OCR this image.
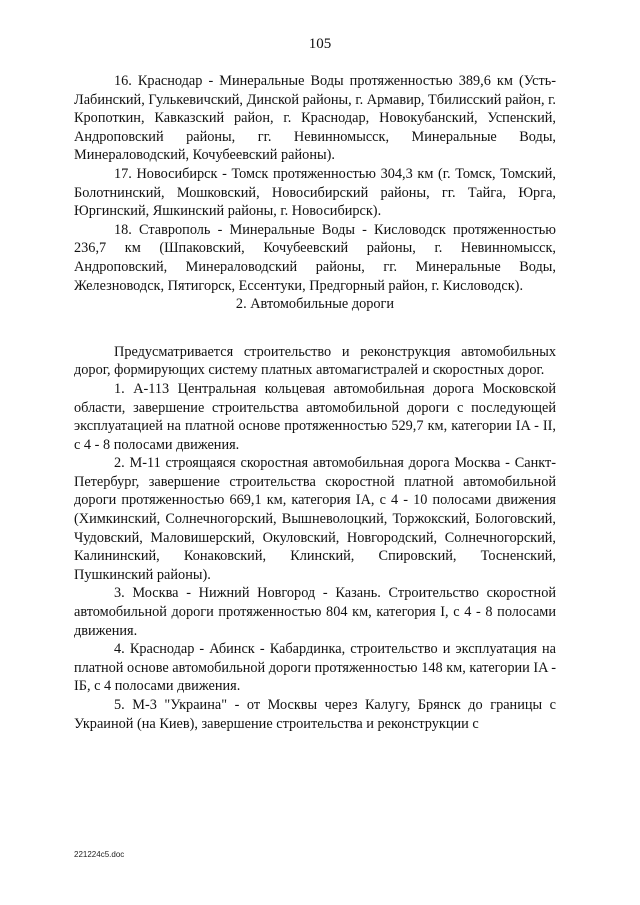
105

16. Краснодар - Минеральные Воды протяженностью 389,6 км (Усть-Лабинский, Гулькевичский, Динской районы, г. Армавир, Тбилисский район, г. Кропоткин, Кавказский район, г. Краснодар, Новокубанский, Успенский, Андроповский районы, гг. Невинномысск, Минеральные Воды, Минераловодский, Кочубеевский районы).

17. Новосибирск - Томск протяженностью 304,3 км (г. Томск, Томский, Болотнинский, Мошковский, Новосибирский районы, гг. Тайга, Юрга, Юргинский, Яшкинский районы, г. Новосибирск).

18. Ставрополь - Минеральные Воды - Кисловодск протяженностью 236,7 км (Шпаковский, Кочубеевский районы, г. Невинномысск, Андроповский, Минераловодский районы, гг. Минеральные Воды, Железноводск, Пятигорск, Ессентуки, Предгорный район, г. Кисловодск).

2. Автомобильные дороги

Предусматривается строительство и реконструкция автомобильных дорог, формирующих систему платных автомагистралей и скоростных дорог.

1. А-113 Центральная кольцевая автомобильная дорога Московской области, завершение строительства автомобильной дороги с последующей эксплуатацией на платной основе протяженностью 529,7 км, категории IA - II, с 4 - 8 полосами движения.

2. М-11 строящаяся скоростная автомобильная дорога Москва - Санкт-Петербург, завершение строительства скоростной платной автомобильной дороги протяженностью 669,1 км, категория IA, с 4 - 10 полосами движения (Химкинский, Солнечногорский, Вышневолоцкий, Торжокский, Бологовский, Чудовский, Маловишерский, Окуловский, Новгородский, Солнечногорский, Калининский, Конаковский, Клинский, Спировский, Тосненский, Пушкинский районы).

3. Москва - Нижний Новгород - Казань. Строительство скоростной автомобильной дороги протяженностью 804 км, категория I, с 4 - 8 полосами движения.

4. Краснодар - Абинск - Кабардинка, строительство и эксплуатация на платной основе автомобильной дороги протяженностью 148 км, категории IA - IБ, с 4 полосами движения.

5. М-3 "Украина" - от Москвы через Калугу, Брянск до границы с Украиной (на Киев), завершение строительства и реконструкции с

221224c5.doc
